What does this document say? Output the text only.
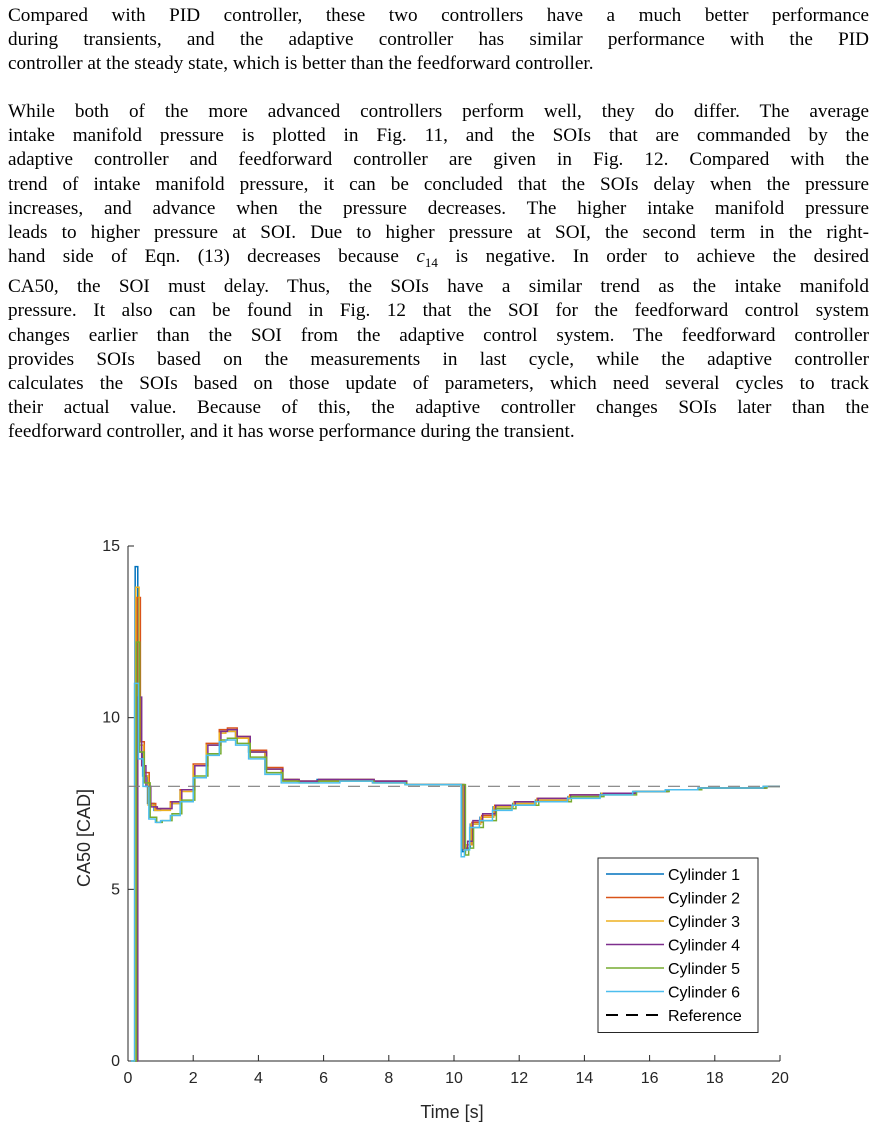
Compared with PID controller, these two controllers have a much better performance
during transients, and the adaptive controller has similar performance with the PID
controller at the steady state, which is better than the feedforward controller.
While both of the more advanced controllers perform well, they do differ. The average
intake manifold pressure is plotted in Fig. 11, and the SOIs that are commanded by the
adaptive controller and feedforward controller are given in Fig. 12. Compared with the
trend of intake manifold pressure, it can be concluded that the SOIs delay when the pressure
increases, and advance when the pressure decreases. The higher intake manifold pressure
leads to higher pressure at SOI. Due to higher pressure at SOI, the second term in the right-
hand side of Eqn. (13) decreases because $c_{14}$ is negative. In order to achieve the desired
CA50, the SOI must delay. Thus, the SOIs have a similar trend as the intake manifold
pressure. It also can be found in Fig. 12 that the SOI for the feedforward control system
changes earlier than the SOI from the adaptive control system. The feedforward controller
provides SOIs based on the measurements in last cycle, while the adaptive controller
calculates the SOIs based on those update of parameters, which need several cycles to track
their actual value. Because of this, the adaptive controller changes SOIs later than the
feedforward controller, and it has worse performance during the transient.
0	2	4	6	8	10	12	14	16	18	20
0
5
10
15
Time [s]
CA50 [CAD]	Cylinder 1
Cylinder 2
Cylinder 3
Cylinder 4
Cylinder 5
Cylinder 6
Reference
